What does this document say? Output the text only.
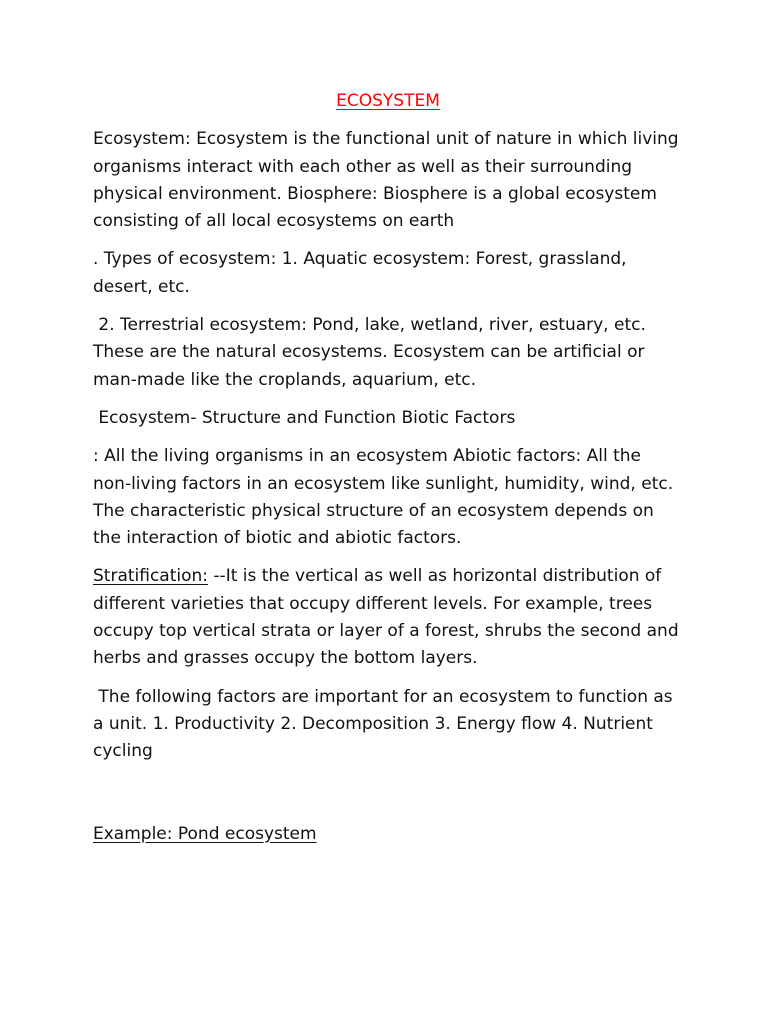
ECOSYSTEM

Ecosystem: Ecosystem is the functional unit of nature in which living organisms interact with each other as well as their surrounding physical environment. Biosphere: Biosphere is a global ecosystem consisting of all local ecosystems on earth

. Types of ecosystem: 1. Aquatic ecosystem: Forest, grassland, desert, etc.

2. Terrestrial ecosystem: Pond, lake, wetland, river, estuary, etc. These are the natural ecosystems. Ecosystem can be artificial or man-made like the croplands, aquarium, etc.

Ecosystem- Structure and Function Biotic Factors

: All the living organisms in an ecosystem Abiotic factors: All the non-living factors in an ecosystem like sunlight, humidity, wind, etc. The characteristic physical structure of an ecosystem depends on the interaction of biotic and abiotic factors.

Stratification: --It is the vertical as well as horizontal distribution of different varieties that occupy different levels. For example, trees occupy top vertical strata or layer of a forest, shrubs the second and herbs and grasses occupy the bottom layers.

The following factors are important for an ecosystem to function as a unit. 1. Productivity 2. Decomposition 3. Energy flow 4. Nutrient cycling

Example: Pond ecosystem
